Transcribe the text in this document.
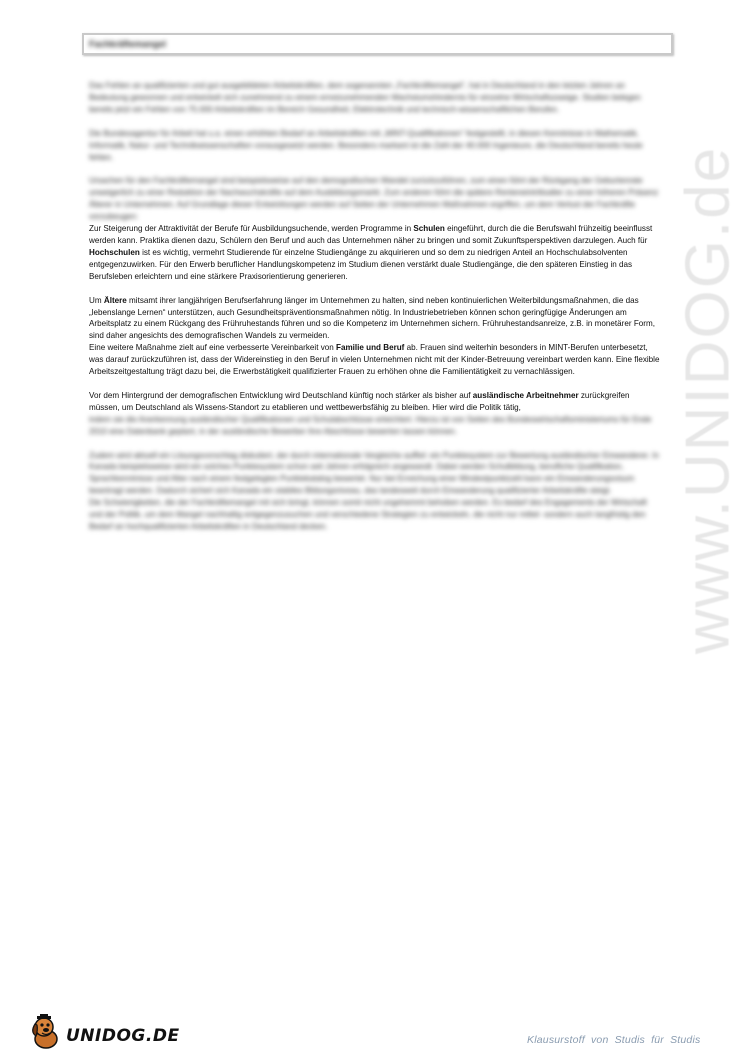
Fachkräftemangel
www.UNIDOG.de

Das Fehlen an qualifizierten und gut ausgebildeten Arbeitskräften, dem sogenannten „Fachkräftemangel“, hat in Deutschland in den letzten Jahren an Bedeutung gewonnen und entwickelt sich zunehmend zu einem ernstzunehmenden Wachstumshindernis für einzelne Wirtschaftszweige. Studien belegen bereits jetzt ein Fehlen von 75.000 Arbeitskräften im Bereich Gesundheit, Elektrotechnik und technisch-wissenschaftlichen Berufen.

Die Bundesagentur für Arbeit hat u.a. einen erhöhten Bedarf an Arbeitskräften mit „MINT-Qualifikationen“ festgestellt, in diesen Kenntnisse in Mathematik, Informatik, Natur- und Technikwissenschaften vorausgesetzt werden. Besonders markant ist die Zahl der 40.000 Ingenieure, die Deutschland bereits heute fehlen.

Ursachen für den Fachkräftemangel sind beispielsweise auf den demografischen Wandel zurückzuführen, zum einen führt der Rückgang der Geburtenrate unweigerlich zu einer Reduktion der Nachwuchskräfte auf dem Ausbildungsmarkt. Zum anderen führt die spätere Renteneintrittsalter zu einer höheren Präsenz Älterer in Unternehmen. Auf Grundlage dieser Entwicklungen werden auf Seiten der Unternehmen Maßnahmen ergriffen, um dem Verlust der Fachkräfte vorzubeugen:

Zur Steigerung der Attraktivität der Berufe für Ausbildungsuchende, werden Programme in Schulen eingeführt, durch die die Berufswahl frühzeitig beeinflusst werden kann. Praktika dienen dazu, Schülern den Beruf und auch das Unternehmen näher zu bringen und somit Zukunftsperspektiven darzulegen. Auch für Hochschulen ist es wichtig, vermehrt Studierende für einzelne Studiengänge zu akquirieren und so dem zu niedrigen Anteil an Hochschulabsolventen entgegenzuwirken. Für den Erwerb beruflicher Handlungskompetenz im Studium dienen verstärkt duale Studiengänge, die den späteren Einstieg in das Berufsleben erleichtern und eine stärkere Praxisorientierung generieren.

Um Ältere mitsamt ihrer langjährigen Berufserfahrung länger im Unternehmen zu halten, sind neben kontinuierlichen Weiterbildungsmaßnahmen, die das „lebenslange Lernen“ unterstützen, auch Gesundheitspräventionsmaßnahmen nötig. In Industriebetrieben können schon geringfügige Änderungen am Arbeitsplatz zu einem Rückgang des Frühruhestands führen und so die Kompetenz im Unternehmen sichern. Frühruhestandsanreize, z.B. in monetärer Form, sind daher angesichts des demografischen Wandels zu vermeiden.

Eine weitere Maßnahme zielt auf eine verbesserte Vereinbarkeit von Familie und Beruf ab. Frauen sind weiterhin besonders in MINT-Berufen unterbesetzt, was darauf zurückzuführen ist, dass der Widereinstieg in den Beruf in vielen Unternehmen nicht mit der Kinder-Betreuung vereinbart werden kann. Eine flexible Arbeitszeitgestaltung trägt dazu bei, die Erwerbstätigkeit qualifizierter Frauen zu erhöhen ohne die Familientätigkeit zu vernachlässigen.

Vor dem Hintergrund der demografischen Entwicklung wird Deutschland künftig noch stärker als bisher auf ausländische Arbeitnehmer zurückgreifen müssen, um Deutschland als Wissens-Standort zu etablieren und wettbewerbsfähig zu bleiben. Hier wird die Politik tätig,

indem sie die Anerkennung ausländischer Qualifikationen und Schulabschlüsse erleichtert. Hierzu ist von Seiten des Bundeswirtschaftsministeriums für Ende 2010 eine Datenbank geplant, in der ausländische Bewerber ihre Abschlüsse bewerten lassen können.

Zudem wird aktuell ein Lösungsvorschlag diskutiert, der durch internationale Vergleiche auffiel: ein Punktesystem zur Bewertung ausländischer Einwanderer. In Kanada beispielsweise wird ein solches Punktesystem schon seit Jahren erfolgreich angewandt. Dabei werden Schulbildung, berufliche Qualifikation, Sprachkenntnisse und Alter nach einem festgelegten Punktekatalog bewertet. Nur bei Erreichung einer Mindestpunktzahl kann ein Einwanderungsvisum beantragt werden. Dadurch sichert sich Kanada ein stabiles Bildungsniveau, das landesweit durch Einwanderung qualifizierter Arbeitskräfte steigt.

Die Schwierigkeiten, die der Fachkräftemangel mit sich bringt, können somit nicht ungehemmt behoben werden. Es bedarf des Engagements der Wirtschaft und der Politik, um dem Mangel nachhaltig entgegenzusuchen und verschiedene Strategien zu entwickeln, die nicht nur mittel- sondern auch langfristig den Bedarf an hochqualifizierten Arbeitskräften in Deutschland decken.

UNIDOG.DE	Klausurstoff von Studis für Studis
